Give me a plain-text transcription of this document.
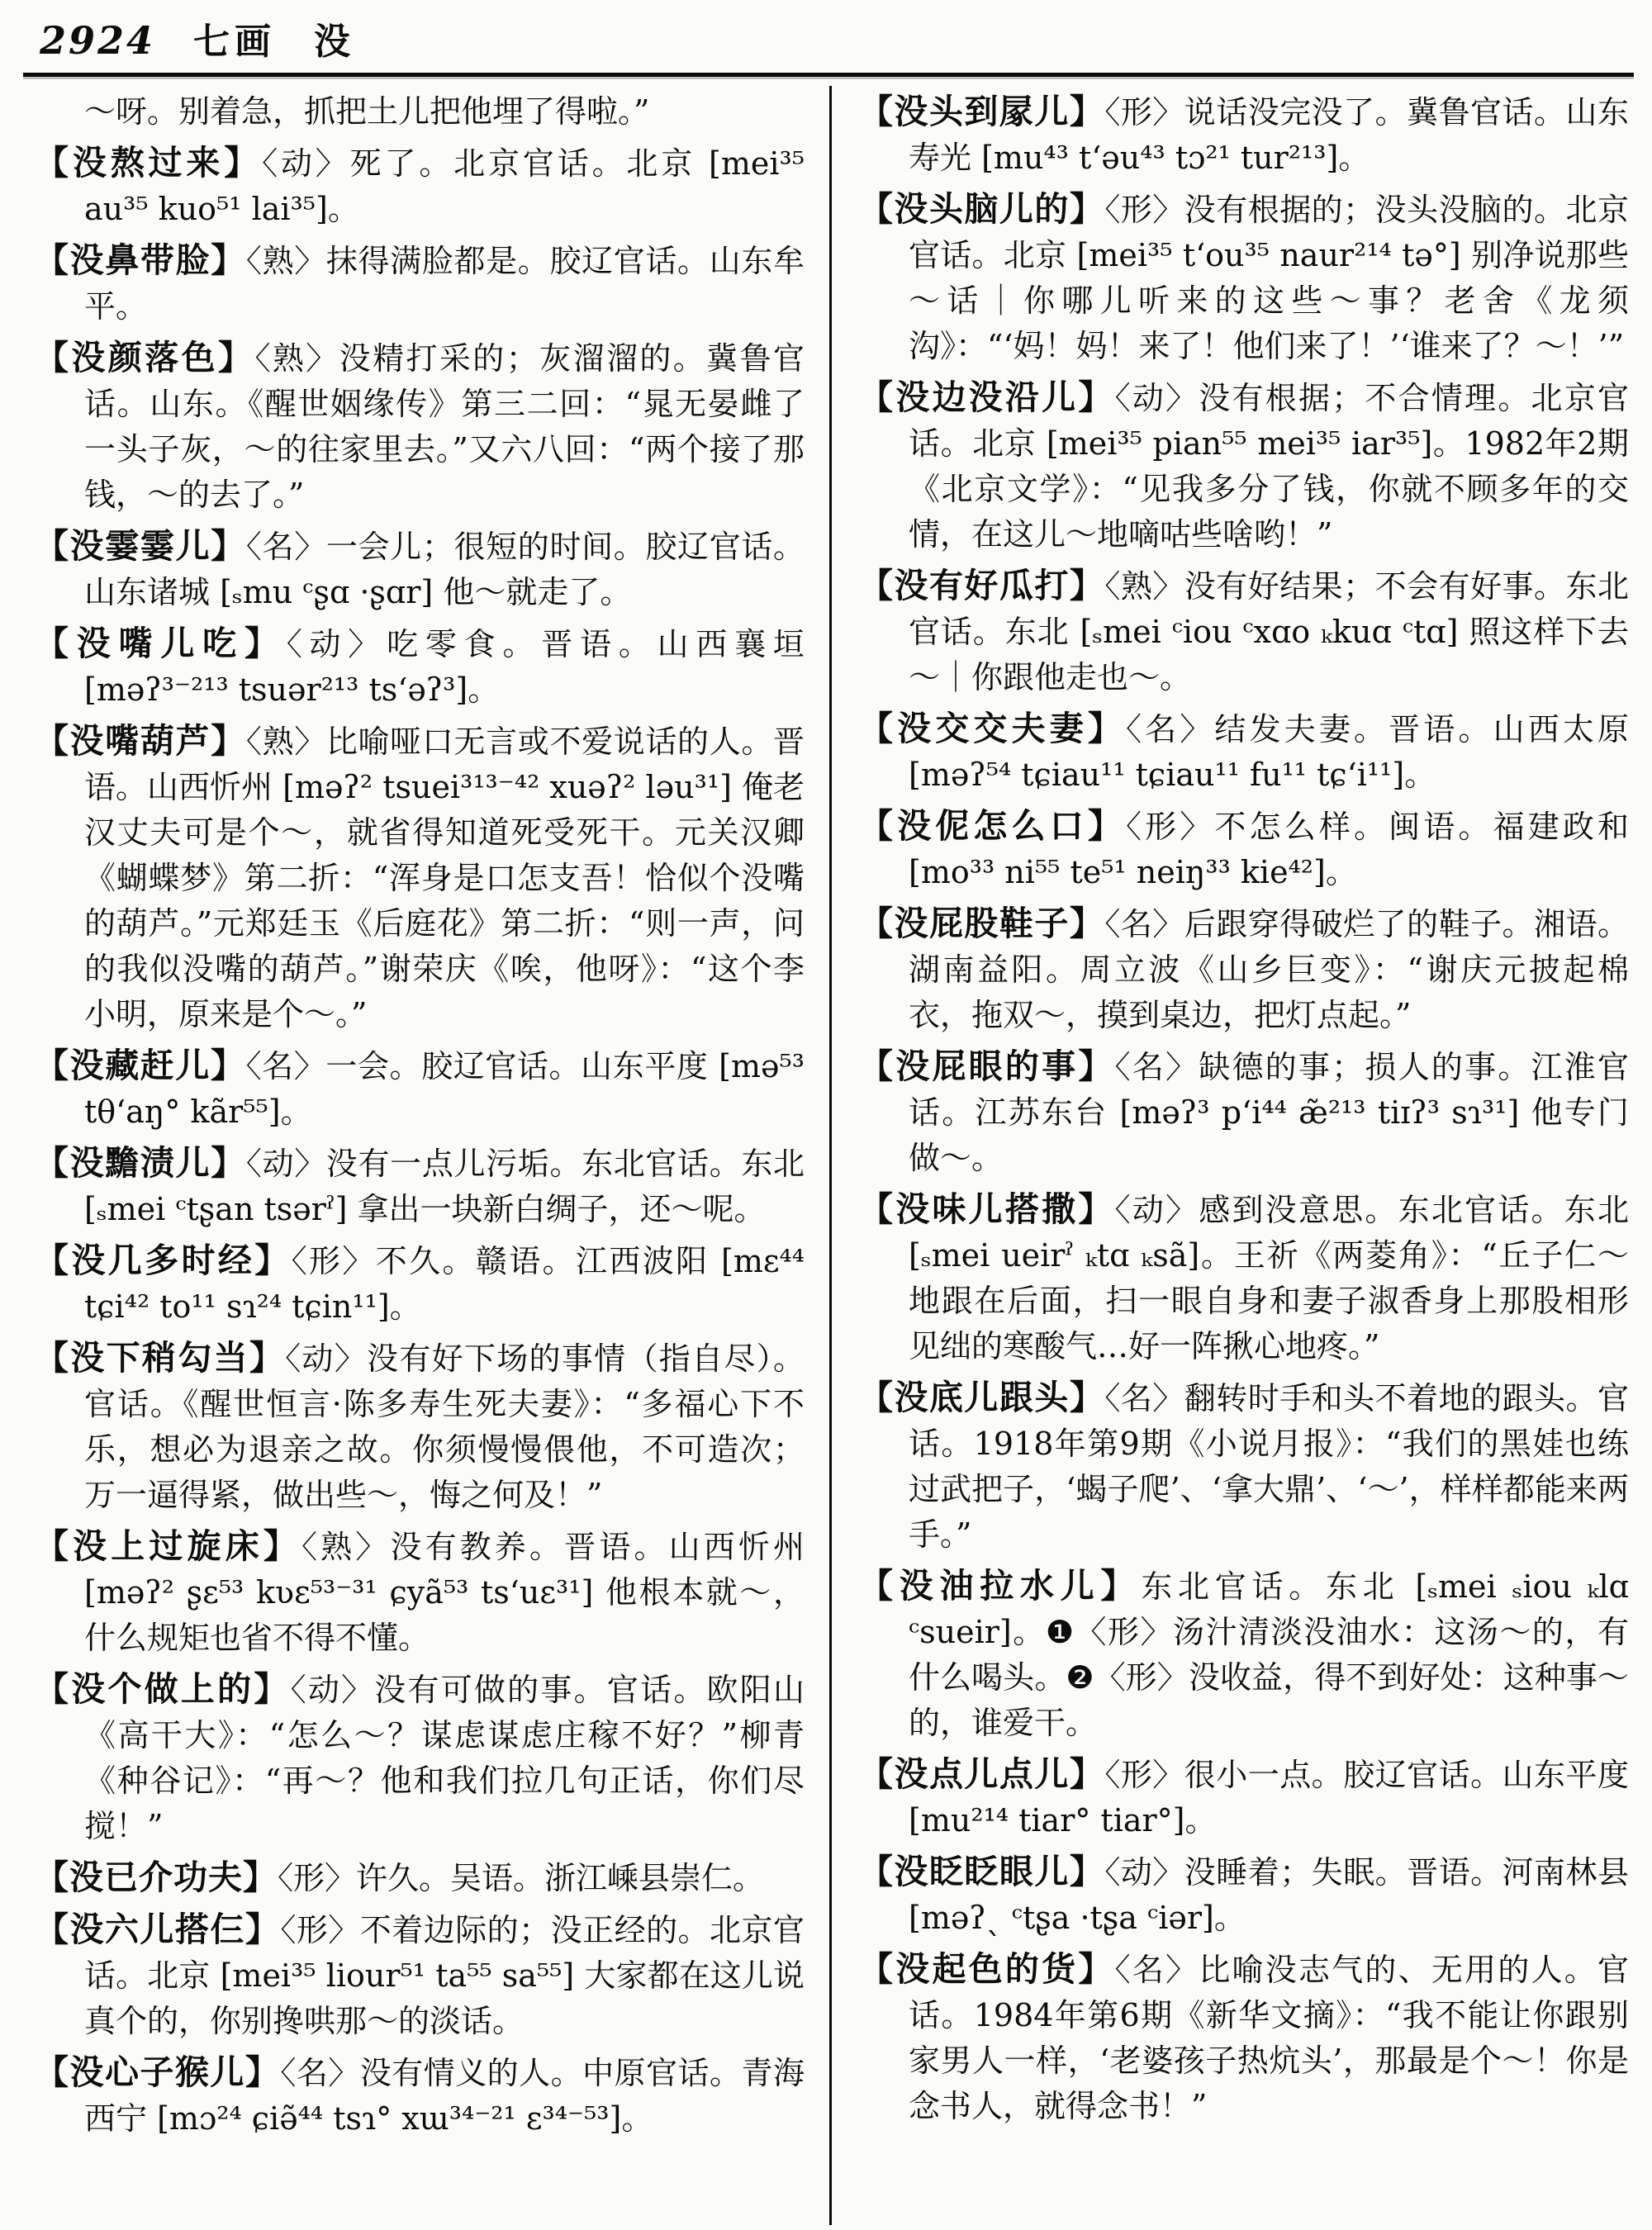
2924 七画 没

～呀。别着急，抓把土儿把他埋了得啦。”

【没熬过来】〈动〉死了。北京官话。北京 [mei³⁵ au³⁵ kuo⁵¹ lai³⁵]。

【没鼻带脸】〈熟〉抹得满脸都是。胶辽官话。山东牟平。

【没颜落色】〈熟〉没精打采的；灰溜溜的。冀鲁官话。山东。《醒世姻缘传》第三二回：“晁无晏雌了一头子灰，～的往家里去。”又六八回：“两个接了那钱，～的去了。”

【没霎霎儿】〈名〉一会儿；很短的时间。胶辽官话。山东诸城 [ₛmu ᶜʂɑ ·ʂɑr] 他～就走了。

【没嘴儿吃】〈动〉吃零食。晋语。山西襄垣 [məʔ³⁻²¹³ tsuər²¹³ tsʻəʔ³]。

【没嘴葫芦】〈熟〉比喻哑口无言或不爱说话的人。晋语。山西忻州 [məʔ² tsuei³¹³⁻⁴² xuəʔ² ləu³¹] 俺老汉丈夫可是个～，就省得知道死受死干。元关汉卿《蝴蝶梦》第二折：“浑身是口怎支吾！恰似个没嘴的葫芦。”元郑廷玉《后庭花》第二折：“则一声，问的我似没嘴的葫芦。”谢荣庆《唉，他呀》：“这个李小明，原来是个～。”

【没藏赶儿】〈名〉一会。胶辽官话。山东平度 [mə⁵³ tθʻaŋ° kãr⁵⁵]。

【没黵渍儿】〈动〉没有一点儿污垢。东北官话。东北 [ₛmei ᶜtʂan tsərˀ] 拿出一块新白绸子，还～呢。

【没几多时经】〈形〉不久。赣语。江西波阳 [mɛ⁴⁴ tɕi⁴² to¹¹ sɿ²⁴ tɕin¹¹]。

【没下稍勾当】〈动〉没有好下场的事情（指自尽）。官话。《醒世恒言·陈多寿生死夫妻》：“多福心下不乐，想必为退亲之故。你须慢慢偎他，不可造次；万一逼得紧，做出些～，悔之何及！”

【没上过旋床】〈熟〉没有教养。晋语。山西忻州 [məʔ² ʂɛ⁵³ kʋɛ⁵³⁻³¹ ɕyã⁵³ tsʻuɛ³¹] 他根本就～，什么规矩也省不得不懂。

【没个做上的】〈动〉没有可做的事。官话。欧阳山《高干大》：“怎么～？谋虑谋虑庄稼不好？”柳青《种谷记》：“再～？他和我们拉几句正话，你们尽搅！”

【没已介功夫】〈形〉许久。吴语。浙江嵊县崇仁。

【没六儿搭仨】〈形〉不着边际的；没正经的。北京官话。北京 [mei³⁵ liour⁵¹ ta⁵⁵ sa⁵⁵] 大家都在这儿说真个的，你别搀哄那～的淡话。

【没心子猴儿】〈名〉没有情义的人。中原官话。青海西宁 [mɔ²⁴ ɕiə̃⁴⁴ tsɿ° xɯ³⁴⁻²¹ ɛ³⁴⁻⁵³]。

【没头到㞘儿】〈形〉说话没完没了。冀鲁官话。山东寿光 [mu⁴³ tʻəu⁴³ tɔ²¹ tur²¹³]。

【没头脑儿的】〈形〉没有根据的；没头没脑的。北京官话。北京 [mei³⁵ tʻou³⁵ naur²¹⁴ tə°] 别净说那些～话｜你哪儿听来的这些～事？老舍《龙须沟》：“‘妈！妈！来了！他们来了！’‘谁来了？～！’”

【没边没沿儿】〈动〉没有根据；不合情理。北京官话。北京 [mei³⁵ pian⁵⁵ mei³⁵ iar³⁵]。1982年2期《北京文学》：“见我多分了钱，你就不顾多年的交情，在这儿～地嘀咕些啥哟！”

【没有好瓜打】〈熟〉没有好结果；不会有好事。东北官话。东北 [ₛmei ᶜiou ᶜxɑo ₖkuɑ ᶜtɑ] 照这样下去～｜你跟他走也～。

【没交交夫妻】〈名〉结发夫妻。晋语。山西太原 [məʔ⁵⁴ tɕiau¹¹ tɕiau¹¹ fu¹¹ tɕʻi¹¹]。

【没伲怎么口】〈形〉不怎么样。闽语。福建政和 [mo³³ ni⁵⁵ te⁵¹ neiŋ³³ kie⁴²]。

【没屁股鞋子】〈名〉后跟穿得破烂了的鞋子。湘语。湖南益阳。周立波《山乡巨变》：“谢庆元披起棉衣，拖双～，摸到桌边，把灯点起。”

【没屁眼的事】〈名〉缺德的事；损人的事。江淮官话。江苏东台 [məʔ³ pʻi⁴⁴ æ̃²¹³ tiɪʔ³ sɿ³¹] 他专门做～。

【没味儿搭撒】〈动〉感到没意思。东北官话。东北 [ₛmei ueirˀ ₖtɑ ₖsã]。王祈《两菱角》：“丘子仁～地跟在后面，扫一眼自身和妻子淑香身上那股相形见绌的寒酸气…好一阵揪心地疼。”

【没底儿跟头】〈名〉翻转时手和头不着地的跟头。官话。1918年第9期《小说月报》：“我们的黑娃也练过武把子，‘蝎子爬’、‘拿大鼎’、‘～’，样样都能来两手。”

【没油拉水儿】东北官话。东北 [ₛmei ₛiou ₖlɑ ᶜsueir]。❶〈形〉汤汁清淡没油水：这汤～的，有什么喝头。❷〈形〉没收益，得不到好处：这种事～的，谁爱干。

【没点儿点儿】〈形〉很小一点。胶辽官话。山东平度 [mu²¹⁴ tiar° tiar°]。

【没眨眨眼儿】〈动〉没睡着；失眠。晋语。河南林县 [məʔˎ ᶜtʂa ·tʂa ᶜiər]。

【没起色的货】〈名〉比喻没志气的、无用的人。官话。1984年第6期《新华文摘》：“我不能让你跟别家男人一样，‘老婆孩子热炕头’，那最是个～！你是念书人，就得念书！”
